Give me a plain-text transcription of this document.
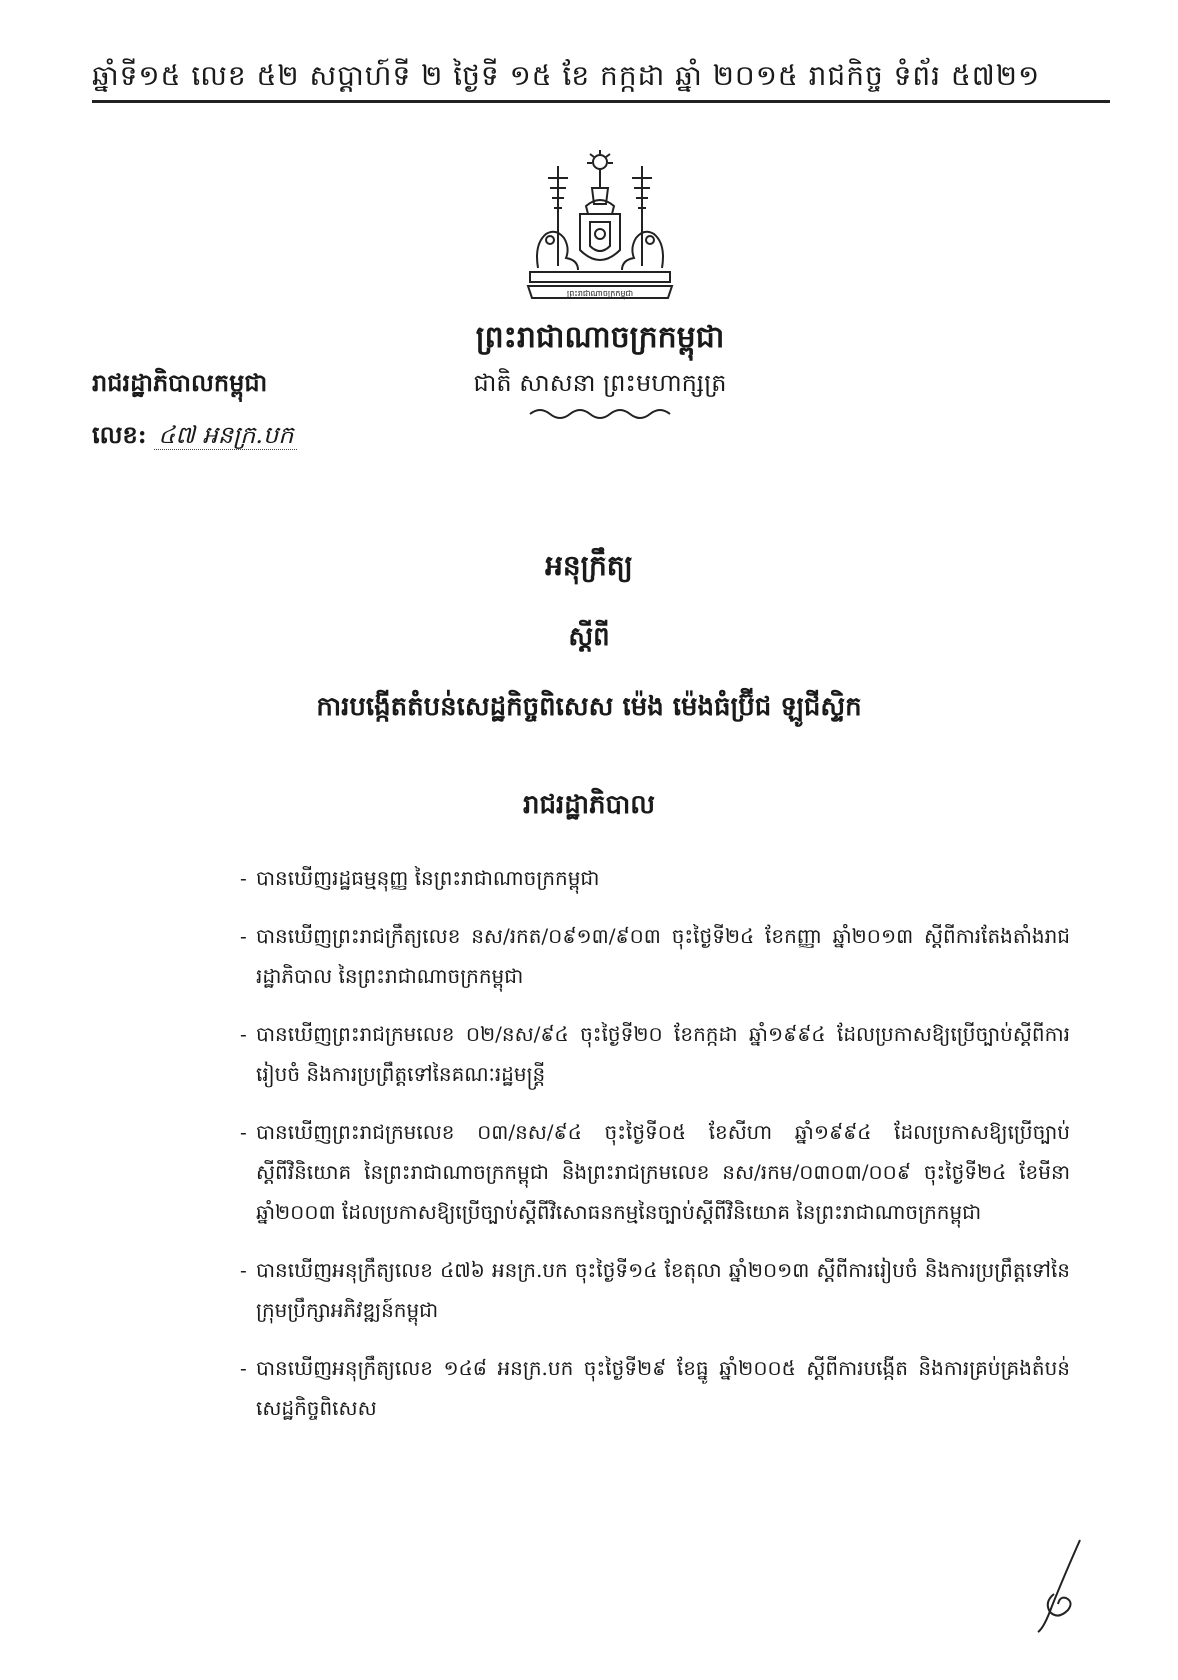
ឆ្នាំទី១៥ លេខ ៥២ សប្តាហ៍ទី ២ ថ្ងៃទី ១៥ ខែ កក្កដា ឆ្នាំ ២០១៥ រាជកិច្ច ទំព័រ ៥៧២១
ព្រះរាជាណាចក្រកម្ពុជា
ព្រះរាជាណាចក្រកម្ពុជា
ជាតិ សាសនា ព្រះមហាក្សត្រ
រាជរដ្ឋាភិបាលកម្ពុជា
លេខ: ៤៧ អនក្រ.បក
អនុក្រឹត្យ
ស្តីពី
ការបង្កើតតំបន់សេដ្ឋកិច្ចពិសេស ម៉េង ម៉េងធំប្រ៊ីជ ឡូជីស្ទិក
រាជរដ្ឋាភិបាល
- បានឃើញរដ្ឋធម្មនុញ្ញ នៃព្រះរាជាណាចក្រកម្ពុជា
- បានឃើញព្រះរាជក្រឹត្យលេខ នស/រកត/០៩១៣/៩០៣ ចុះថ្ងៃទី២៤ ខែកញ្ញា ឆ្នាំ២០១៣ ស្តីពីការតែងតាំងរាជរដ្ឋាភិបាល នៃព្រះរាជាណាចក្រកម្ពុជា
- បានឃើញព្រះរាជក្រមលេខ ០២/នស/៩៤ ចុះថ្ងៃទី២០ ខែកក្កដា ឆ្នាំ១៩៩៤ ដែលប្រកាសឱ្យប្រើច្បាប់ស្តីពីការរៀបចំ និងការប្រព្រឹត្តទៅនៃគណៈរដ្ឋមន្ត្រី
- បានឃើញព្រះរាជក្រមលេខ ០៣/នស/៩៤ ចុះថ្ងៃទី០៥ ខែសីហា ឆ្នាំ១៩៩៤ ដែលប្រកាសឱ្យប្រើច្បាប់ស្តីពីវិនិយោគ នៃព្រះរាជាណាចក្រកម្ពុជា និងព្រះរាជក្រមលេខ នស/រកម/០៣០៣/០០៩ ចុះថ្ងៃទី២៤ ខែមីនា ឆ្នាំ២០០៣ ដែលប្រកាសឱ្យប្រើច្បាប់ស្តីពីវិសោធនកម្មនៃច្បាប់ស្តីពីវិនិយោគ នៃព្រះរាជាណាចក្រកម្ពុជា
- បានឃើញអនុក្រឹត្យលេខ ៤៧៦ អនក្រ.បក ចុះថ្ងៃទី១៤ ខែតុលា ឆ្នាំ២០១៣ ស្តីពីការរៀបចំ និងការប្រព្រឹត្តទៅនៃក្រុមប្រឹក្សាអភិវឌ្ឍន៍កម្ពុជា
- បានឃើញអនុក្រឹត្យលេខ ១៤៨ អនក្រ.បក ចុះថ្ងៃទី២៩ ខែធ្នូ ឆ្នាំ២០០៥ ស្តីពីការបង្កើត និងការគ្រប់គ្រងតំបន់សេដ្ឋកិច្ចពិសេស
